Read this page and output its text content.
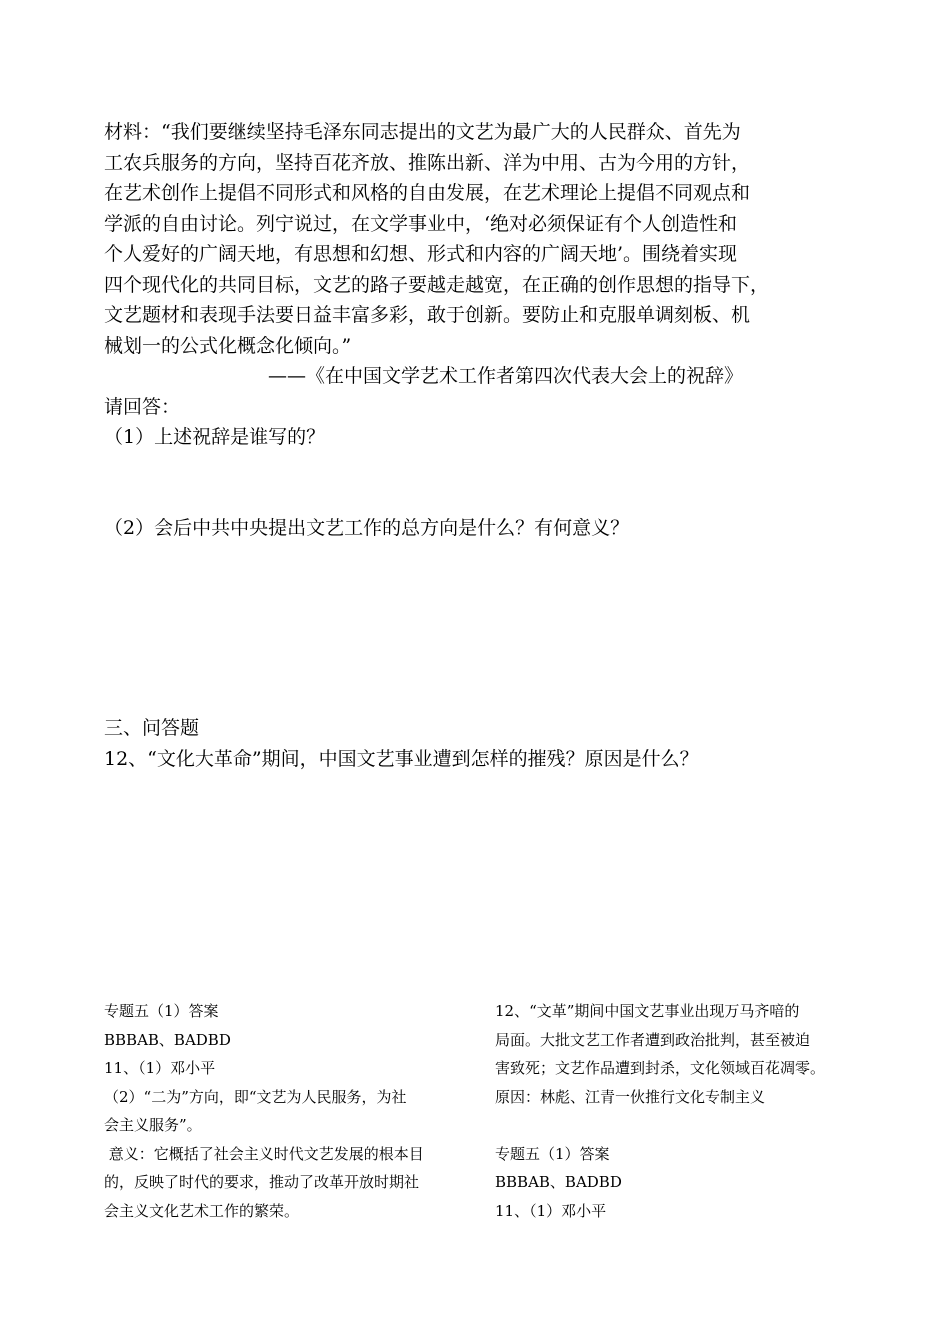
材料：“我们要继续坚持毛泽东同志提出的文艺为最广大的人民群众、首先为

工农兵服务的方向，坚持百花齐放、推陈出新、洋为中用、古为今用的方针，

在艺术创作上提倡不同形式和风格的自由发展，在艺术理论上提倡不同观点和

学派的自由讨论。列宁说过，在文学事业中，‘绝对必须保证有个人创造性和

个人爱好的广阔天地，有思想和幻想、形式和内容的广阔天地’。围绕着实现

四个现代化的共同目标，文艺的路子要越走越宽，在正确的创作思想的指导下，

文艺题材和表现手法要日益丰富多彩，敢于创新。要防止和克服单调刻板、机

械划一的公式化概念化倾向。”

——《在中国文学艺术工作者第四次代表大会上的祝辞》

请回答：

（1）上述祝辞是谁写的？

（2）会后中共中央提出文艺工作的总方向是什么？有何意义？

三、问答题

12、“文化大革命”期间，中国文艺事业遭到怎样的摧残？原因是什么？

专题五（1）答案

BBBAB、BADBD

11、（1）邓小平

（2）“二为”方向，即“文艺为人民服务，为社

会主义服务”。

意义：它概括了社会主义时代文艺发展的根本目

的，反映了时代的要求，推动了改革开放时期社

会主义文化艺术工作的繁荣。

12、“文革”期间中国文艺事业出现万马齐喑的

局面。大批文艺工作者遭到政治批判，甚至被迫

害致死；文艺作品遭到封杀，文化领域百花凋零。

原因：林彪、江青一伙推行文化专制主义

专题五（1）答案

BBBAB、BADBD

11、（1）邓小平
